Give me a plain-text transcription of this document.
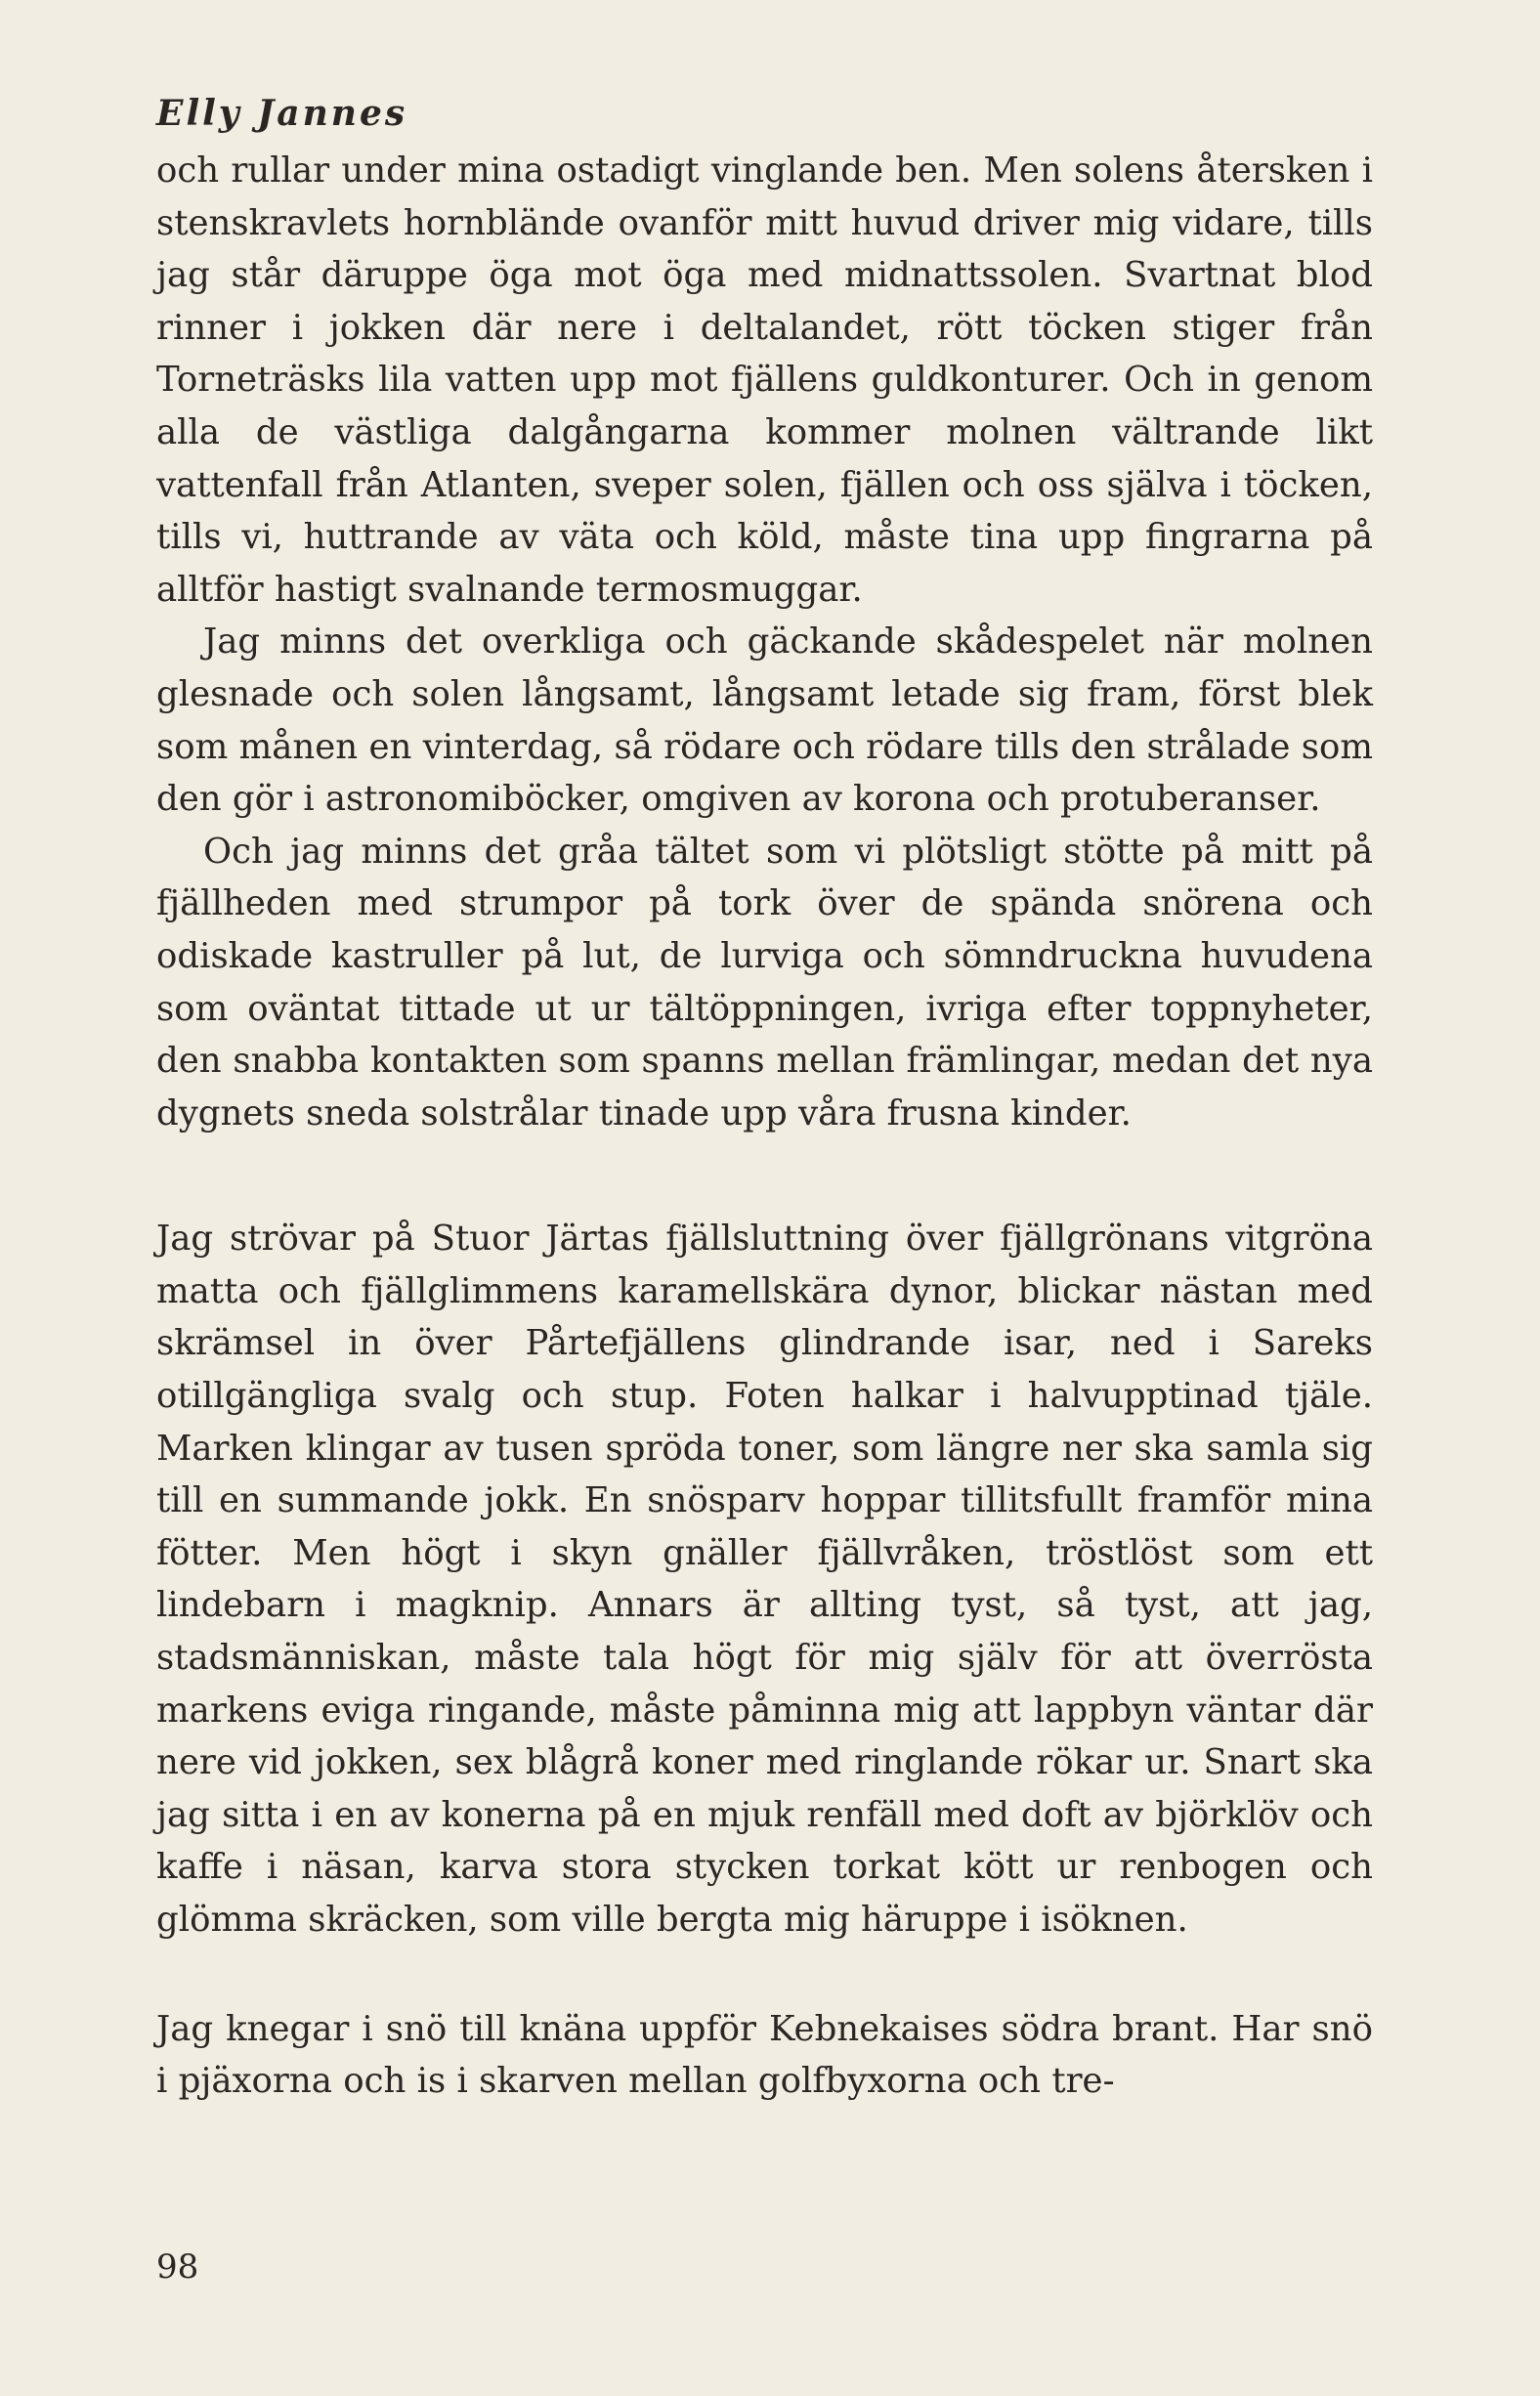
Elly Jannes

och rullar under mina ostadigt vinglande ben. Men solens återsken i stenskravlets hornblände ovanför mitt huvud driver mig vidare, tills jag står däruppe öga mot öga med midnattssolen. Svartnat blod rinner i jokken där nere i deltalandet, rött töcken stiger från Torneträsks lila vatten upp mot fjällens guldkonturer. Och in genom alla de västliga dalgångarna kommer molnen vältrande likt vattenfall från Atlanten, sveper solen, fjällen och oss själva i töcken, tills vi, huttrande av väta och köld, måste tina upp fingrarna på alltför hastigt svalnande termosmuggar.

Jag minns det overkliga och gäckande skådespelet när molnen glesnade och solen långsamt, långsamt letade sig fram, först blek som månen en vinterdag, så rödare och rödare tills den strålade som den gör i astronomiböcker, omgiven av korona och protuberanser.

Och jag minns det gråa tältet som vi plötsligt stötte på mitt på fjällheden med strumpor på tork över de spända snörena och odiskade kastruller på lut, de lurviga och sömndruckna huvudena som oväntat tittade ut ur tältöppningen, ivriga efter toppnyheter, den snabba kontakten som spanns mellan främlingar, medan det nya dygnets sneda solstrålar tinade upp våra frusna kinder.

Jag strövar på Stuor Järtas fjällsluttning över fjällgrönans vitgröna matta och fjällglimmens karamellskära dynor, blickar nästan med skrämsel in över Pårtefjällens glindrande isar, ned i Sareks otillgängliga svalg och stup. Foten halkar i halvupptinad tjäle. Marken klingar av tusen spröda toner, som längre ner ska samla sig till en summande jokk. En snösparv hoppar tillitsfullt framför mina fötter. Men högt i skyn gnäller fjällvråken, tröstlöst som ett lindebarn i magknip. Annars är allting tyst, så tyst, att jag, stadsmänniskan, måste tala högt för mig själv för att överrösta markens eviga ringande, måste påminna mig att lappbyn väntar där nere vid jokken, sex blågrå koner med ringlande rökar ur. Snart ska jag sitta i en av konerna på en mjuk renfäll med doft av björklöv och kaffe i näsan, karva stora stycken torkat kött ur renbogen och glömma skräcken, som ville bergta mig häruppe i isöknen.

Jag knegar i snö till knäna uppför Kebnekaises södra brant. Har snö i pjäxorna och is i skarven mellan golfbyxorna och tre-

98
